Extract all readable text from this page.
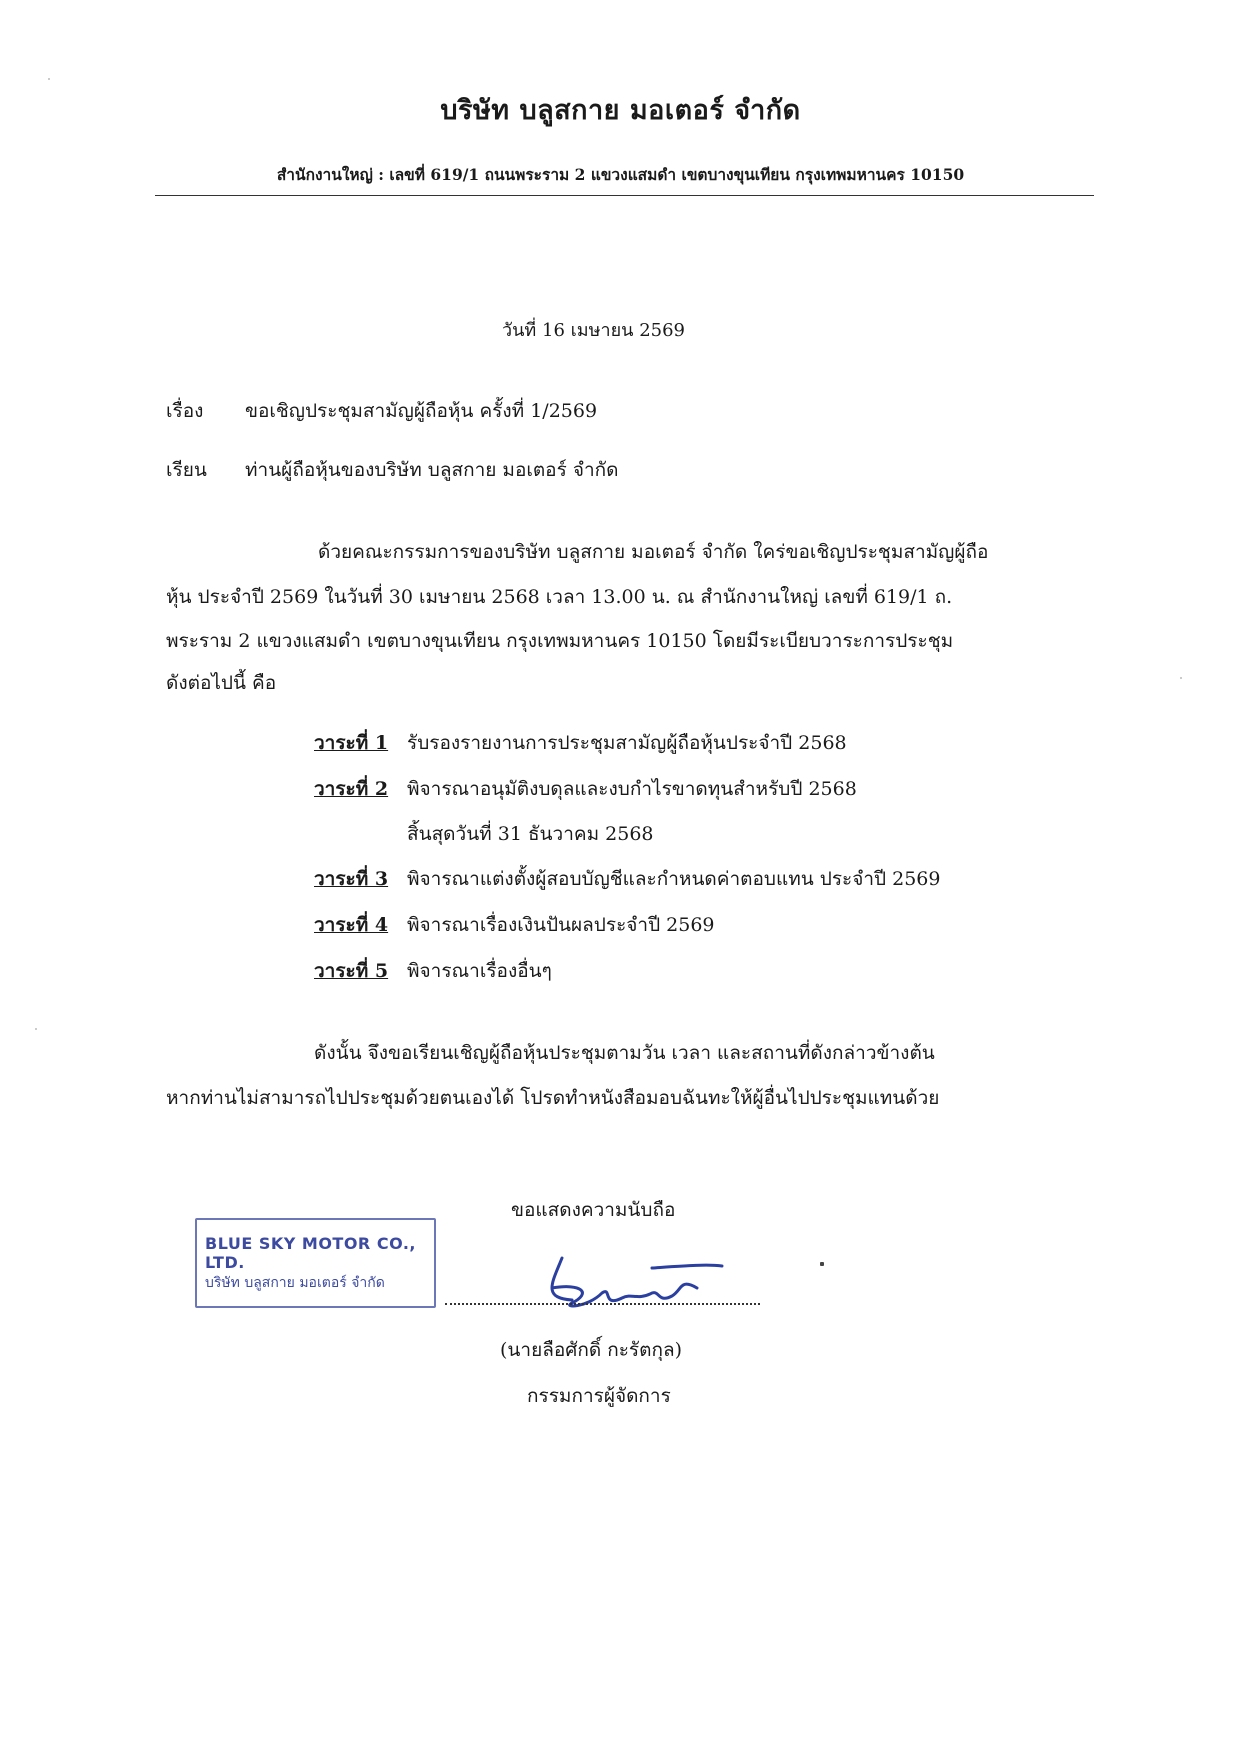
บริษัท บลูสกาย มอเตอร์ จำกัด
สำนักงานใหญ่ : เลขที่ 619/1 ถนนพระราม 2 แขวงแสมดำ เขตบางขุนเทียน กรุงเทพมหานคร 10150
วันที่ 16 เมษายน 2569
เรื่อง ขอเชิญประชุมสามัญผู้ถือหุ้น ครั้งที่ 1/2569
เรียน ท่านผู้ถือหุ้นของบริษัท บลูสกาย มอเตอร์ จำกัด
ด้วยคณะกรรมการของบริษัท บลูสกาย มอเตอร์ จำกัด ใคร่ขอเชิญประชุมสามัญผู้ถือ
หุ้น ประจำปี 2569 ในวันที่ 30 เมษายน 2568 เวลา 13.00 น. ณ สำนักงานใหญ่ เลขที่ 619/1 ถ.
พระราม 2 แขวงแสมดำ เขตบางขุนเทียน กรุงเทพมหานคร 10150 โดยมีระเบียบวาระการประชุม
ดังต่อไปนี้ คือ
วาระที่ 1 รับรองรายงานการประชุมสามัญผู้ถือหุ้นประจำปี 2568
วาระที่ 2 พิจารณาอนุมัติงบดุลและงบกำไรขาดทุนสำหรับปี 2568
สิ้นสุดวันที่ 31 ธันวาคม 2568
วาระที่ 3 พิจารณาแต่งตั้งผู้สอบบัญชีและกำหนดค่าตอบแทน ประจำปี 2569
วาระที่ 4 พิจารณาเรื่องเงินปันผลประจำปี 2569
วาระที่ 5 พิจารณาเรื่องอื่นๆ
ดังนั้น จึงขอเรียนเชิญผู้ถือหุ้นประชุมตามวัน เวลา และสถานที่ดังกล่าวข้างต้น
หากท่านไม่สามารถไปประชุมด้วยตนเองได้ โปรดทำหนังสือมอบฉันทะให้ผู้อื่นไปประชุมแทนด้วย
ขอแสดงความนับถือ
BLUE SKY MOTOR CO., LTD.
บริษัท บลูสกาย มอเตอร์ จำกัด
(นายลือศักดิ์ กะรัตกุล)
กรรมการผู้จัดการ
